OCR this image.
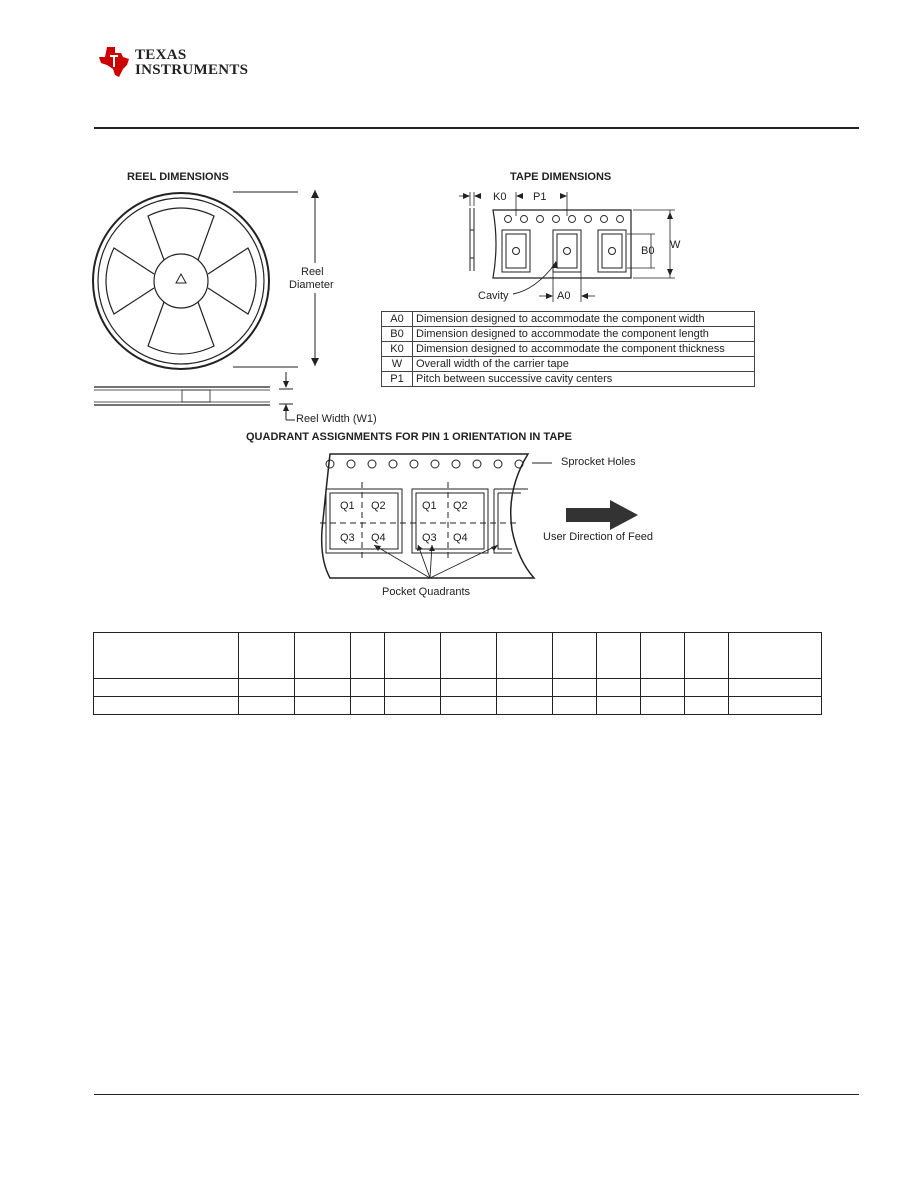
TEXAS
INSTRUMENTS
REEL DIMENSIONS
Reel
Diameter
Reel Width (W1)
TAPE DIMENSIONS
K0 P1
B0 W
Cavity	A0
A0	Dimension designed to accommodate the component width
B0	Dimension designed to accommodate the component length
K0	Dimension designed to accommodate the component thickness
W	Overall width of the carrier tape
P1	Pitch between successive cavity centers
QUADRANT ASSIGNMENTS FOR PIN 1 ORIENTATION IN TAPE
Q1 Q2
Q3 Q4
Q1 Q2
Q3 Q4
Sprocket Holes
User Direction of Feed
Pocket Quadrants
